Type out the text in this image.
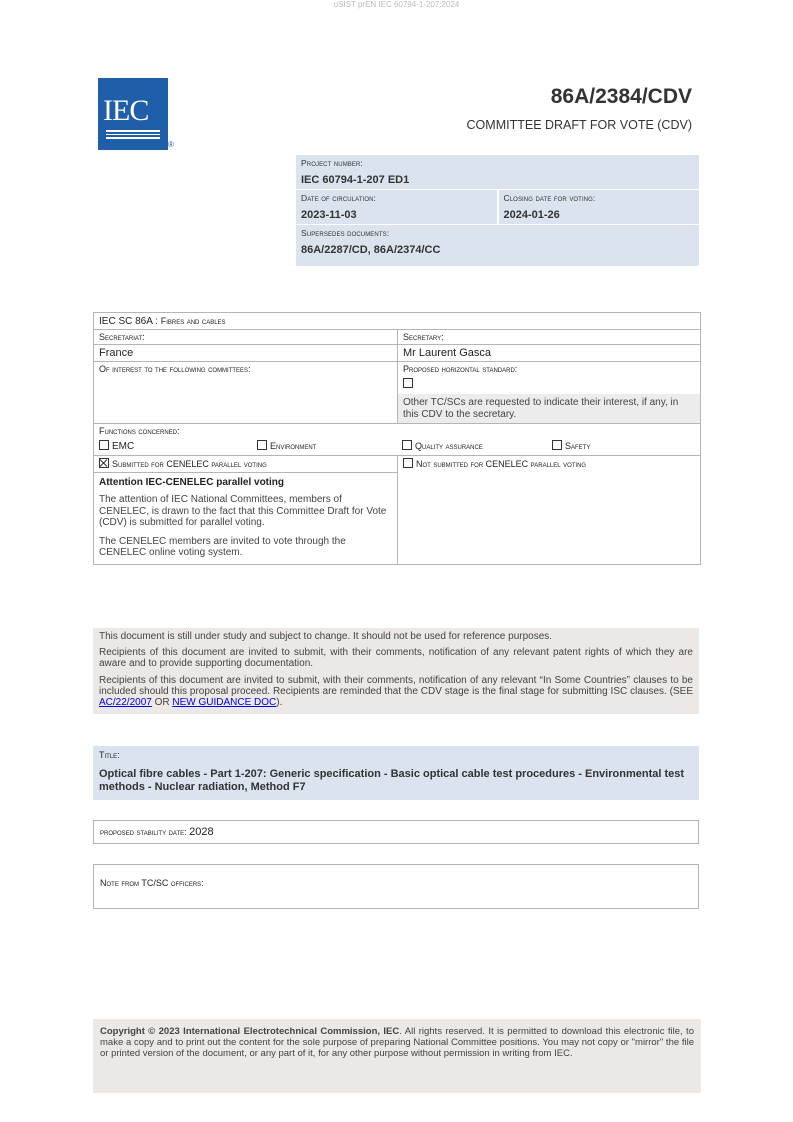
oSIST prEN IEC 60794-1-207:2024
IEC
®
86A/2384/CDV
COMMITTEE DRAFT FOR VOTE (CDV)
Project number:
IEC 60794-1-207 ED1
Date of circulation:
2023-11-03
Closing date for voting:
2024-01-26
Supersedes documents:
86A/2287/CD, 86A/2374/CC
IEC SC 86A : Fibres and cables
Secretariat:
France
Secretary:
Mr Laurent Gasca
Of interest to the following committees:	Proposed horizontal standard:
Other TC/SCs are requested to indicate their interest, if any, in this CDV to the secretary.
Functions concerned:
EMC	Environment	Quality assurance	Safety
Submitted for CENELEC parallel voting
Attention IEC-CENELEC parallel voting
The attention of IEC National Committees, members of CENELEC, is drawn to the fact that this Committee Draft for Vote (CDV) is submitted for parallel voting.
The CENELEC members are invited to vote through the CENELEC online voting system.
Not submitted for CENELEC parallel voting

This document is still under study and subject to change. It should not be used for reference purposes.

Recipients of this document are invited to submit, with their comments, notification of any relevant patent rights of which they are aware and to provide supporting documentation.

Recipients of this document are invited to submit, with their comments, notification of any relevant “In Some Countries” clauses to be included should this proposal proceed. Recipients are reminded that the CDV stage is the final stage for submitting ISC clauses. (SEE AC/22/2007 OR NEW GUIDANCE DOC).

Title:
Optical fibre cables - Part 1-207: Generic specification - Basic optical cable test procedures - Environmental test methods - Nuclear radiation, Method F7
proposed stability date: 2028
Note from TC/SC officers:
Copyright © 2023 International Electrotechnical Commission, IEC. All rights reserved. It is permitted to download this electronic file, to make a copy and to print out the content for the sole purpose of preparing National Committee positions. You may not copy or "mirror" the file or printed version of the document, or any part of it, for any other purpose without permission in writing from IEC.
